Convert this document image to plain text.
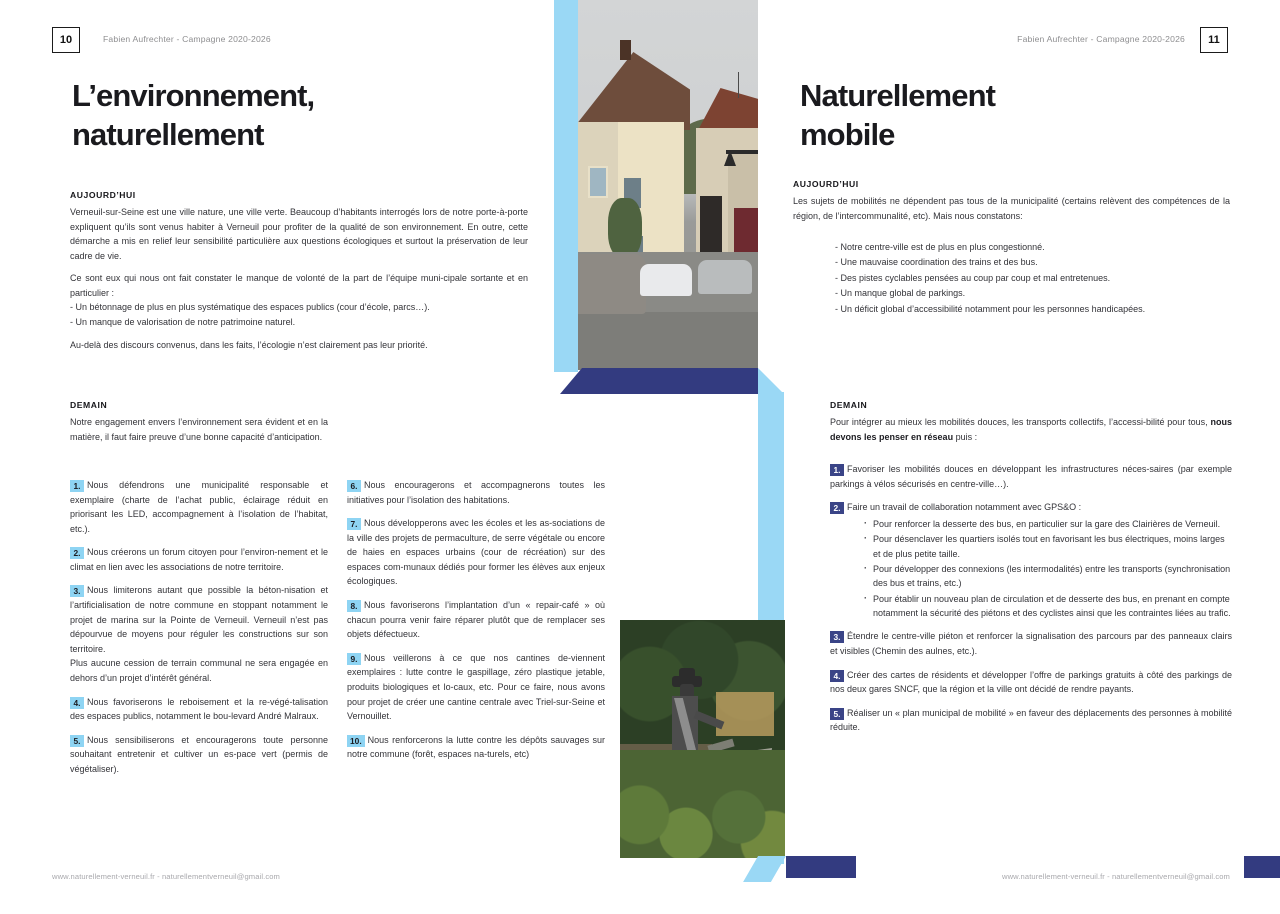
10	Fabien Aufrechter - Campagne 2020-2026
L’environnement,
naturellement
AUJOURD’HUI

Verneuil-sur-Seine est une ville nature, une ville verte. Beaucoup d’habitants interrogés lors de notre porte-à-porte expliquent qu’ils sont venus habiter à Verneuil pour profiter de la qualité de son environnement. En outre, cette démarche a mis en relief leur sensibilité particulière aux questions écologiques et surtout la préservation de leur cadre de vie.

Ce sont eux qui nous ont fait constater le manque de volonté de la part de l’équipe muni-cipale sortante et en particulier :

- Un bétonnage de plus en plus systématique des espaces publics (cour d’école, parcs…).

- Un manque de valorisation de notre patrimoine naturel.

Au-delà des discours convenus, dans les faits, l’écologie n’est clairement pas leur priorité.

DEMAIN

Notre engagement envers l’environnement sera évident et en la matière, il faut faire preuve d’une bonne capacité d’anticipation.

1. Nous défendrons une municipalité responsable et exemplaire (charte de l’achat public, éclairage réduit en priorisant les LED, accompagnement à l’isolation de l’habitat, etc.).
2. Nous créerons un forum citoyen pour l’environ-nement et le climat en lien avec les associations de notre territoire.
3. Nous limiterons autant que possible la béton-nisation et l’artificialisation de notre commune en stoppant notamment le projet de marina sur la Pointe de Verneuil. Verneuil n’est pas dépourvue de moyens pour réguler les constructions sur son territoire.
Plus aucune cession de terrain communal ne sera engagée en dehors d’un projet d’intérêt général.
4. Nous favoriserons le reboisement et la re-végé-talisation des espaces publics, notamment le bou-levard André Malraux.
5. Nous sensibiliserons et encouragerons toute personne souhaitant entretenir et cultiver un es-pace vert (permis de végétaliser).
6. Nous encouragerons et accompagnerons toutes les initiatives pour l’isolation des habitations.
7. Nous développerons avec les écoles et les as-sociations de la ville des projets de permaculture, de serre végétale ou encore de haies en espaces urbains (cour de récréation) sur des espaces com-munaux dédiés pour former les élèves aux enjeux écologiques.
8. Nous favoriserons l’implantation d’un « repair-café » où chacun pourra venir faire réparer plutôt que de remplacer ses objets défectueux.
9. Nous veillerons à ce que nos cantines de-viennent exemplaires : lutte contre le gaspillage, zéro plastique jetable, produits biologiques et lo-caux, etc. Pour ce faire, nous avons pour projet de créer une cantine centrale avec Triel-sur-Seine et Vernouillet.
10. Nous renforcerons la lutte contre les dépôts sauvages sur notre commune (forêt, espaces na-turels, etc)
www.naturellement-verneuil.fr - naturellementverneuil@gmail.com
11
Fabien Aufrechter - Campagne 2020-2026
Naturellement
mobile
AUJOURD’HUI

Les sujets de mobilités ne dépendent pas tous de la municipalité (certains relèvent des compétences de la région, de l’intercommunalité, etc). Mais nous constatons:

- Notre centre-ville est de plus en plus congestionné.
- Une mauvaise coordination des trains et des bus.
- Des pistes cyclables pensées au coup par coup et mal entretenues.
- Un manque global de parkings.
- Un déficit global d’accessibilité notamment pour les personnes handicapées.
DEMAIN

Pour intégrer au mieux les mobilités douces, les transports collectifs, l’accessi-bilité pour tous, nous devons les penser en réseau puis :

1. Favoriser les mobilités douces en développant les infrastructures néces-saires (par exemple parkings à vélos sécurisés en centre-ville…).
2. Faire un travail de collaboration notamment avec GPS&O :
· Pour renforcer la desserte des bus, en particulier sur la gare des Clairières de Verneuil.
· Pour désenclaver les quartiers isolés tout en favorisant les bus électriques, moins larges et de plus petite taille.
· Pour développer des connexions (les intermodalités) entre les transports (synchronisation des bus et trains, etc.)
· Pour établir un nouveau plan de circulation et de desserte des bus, en prenant en compte notamment la sécurité des piétons et des cyclistes ainsi que les contraintes liées au trafic.
3. Étendre le centre-ville piéton et renforcer la signalisation des parcours par des panneaux clairs et visibles (Chemin des aulnes, etc.).
4. Créer des cartes de résidents et développer l’offre de parkings gratuits à côté des parkings de nos deux gares SNCF, que la région et la ville ont décidé de rendre payants.
5. Réaliser un « plan municipal de mobilité » en faveur des déplacements des personnes à mobilité réduite.
www.naturellement-verneuil.fr - naturellementverneuil@gmail.com
